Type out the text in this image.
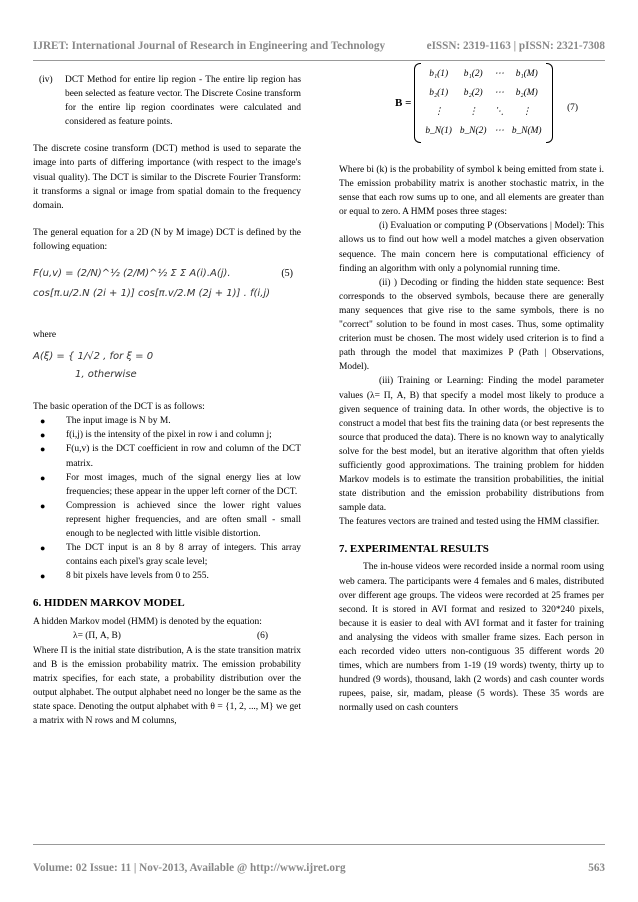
IJRET: International Journal of Research in Engineering and Technology	eISSN: 2319-1163 | pISSN: 2321-7308
(iv) DCT Method for entire lip region - The entire lip region has been selected as feature vector. The Discrete Cosine transform for the entire lip region coordinates were calculated and considered as feature points.

The discrete cosine transform (DCT) method is used to separate the image into parts of differing importance (with respect to the image's visual quality). The DCT is similar to the Discrete Fourier Transform: it transforms a signal or image from spatial domain to the frequency domain.

The general equation for a 2D (N by M image) DCT is defined by the following equation:

F(u,v) = (2/N)^½ (2/M)^½ Σ Σ A(i).A(j).	(5)
cos[π.u/2.N (2i + 1)] cos[π.v/2.M (2j + 1)] . f(i,j)

where

A(ξ) = { 1/√2 , for ξ = 0
1, otherwise

The basic operation of the DCT is as follows:

● The input image is N by M.
● f(i,j) is the intensity of the pixel in row i and column j;
● F(u,v) is the DCT coefficient in row and column of the DCT matrix.
● For most images, much of the signal energy lies at low frequencies; these appear in the upper left corner of the DCT.
● Compression is achieved since the lower right values represent higher frequencies, and are often small - small enough to be neglected with little visible distortion.
● The DCT input is an 8 by 8 array of integers. This array contains each pixel's gray scale level;
● 8 bit pixels have levels from 0 to 255.
6. HIDDEN MARKOV MODEL

A hidden Markov model (HMM) is denoted by the equation:

λ= (Π, A, B)	(6)

Where Π is the initial state distribution, A is the state transition matrix and B is the emission probability matrix. The emission probability matrix specifies, for each state, a probability distribution over the output alphabet. The output alphabet need no longer be the same as the state space. Denoting the output alphabet with θ = {1, 2, ..., M} we get a matrix with N rows and M columns,

B =
b₁(1)	b₁(2)	⋯	b₁(M)
b₂(1)	b₂(2)	⋯	b₂(M)
⋮	⋮	⋱	⋮
b_N(1)	b_N(2)	⋯	b_N(M)
(7)

Where bi (k) is the probability of symbol k being emitted from state i. The emission probability matrix is another stochastic matrix, in the sense that each row sums up to one, and all elements are greater than or equal to zero. A HMM poses three stages:

(i) Evaluation or computing P (Observations | Model): This allows us to find out how well a model matches a given observation sequence. The main concern here is computational efficiency of finding an algorithm with only a polynomial running time.

(ii) ) Decoding or finding the hidden state sequence: Best corresponds to the observed symbols, because there are generally many sequences that give rise to the same symbols, there is no "correct" solution to be found in most cases. Thus, some optimality criterion must be chosen. The most widely used criterion is to find a path through the model that maximizes P (Path | Observations, Model).

(iii) Training or Learning: Finding the model parameter values (λ= Π, A, B) that specify a model most likely to produce a given sequence of training data. In other words, the objective is to construct a model that best fits the training data (or best represents the source that produced the data). There is no known way to analytically solve for the best model, but an iterative algorithm that often yields sufficiently good approximations. The training problem for hidden Markov models is to estimate the transition probabilities, the initial state distribution and the emission probability distributions from sample data.

The features vectors are trained and tested using the HMM classifier.

7. EXPERIMENTAL RESULTS

The in-house videos were recorded inside a normal room using web camera. The participants were 4 females and 6 males, distributed over different age groups. The videos were recorded at 25 frames per second. It is stored in AVI format and resized to 320*240 pixels, because it is easier to deal with AVI format and it faster for training and analysing the videos with smaller frame sizes. Each person in each recorded video utters non-contiguous 35 different words 20 times, which are numbers from 1-19 (19 words) twenty, thirty up to hundred (9 words), thousand, lakh (2 words) and cash counter words rupees, paise, sir, madam, please (5 words). These 35 words are normally used on cash counters

Volume: 02 Issue: 11 | Nov-2013, Available @ http://www.ijret.org	563
